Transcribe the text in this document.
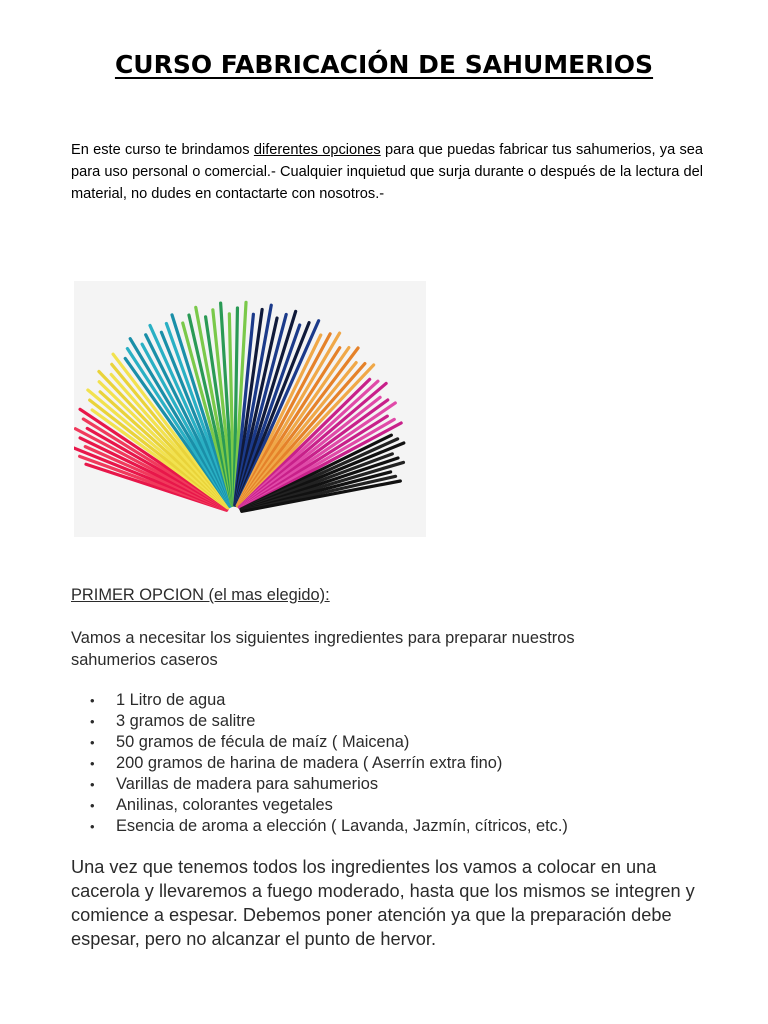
CURSO FABRICACIÓN DE SAHUMERIOS
En este curso te brindamos diferentes opciones para que puedas fabricar tus sahumerios, ya sea para uso personal o comercial.- Cualquier inquietud que surja durante o después de la lectura del material, no dudes en contactarte con nosotros.-
PRIMER OPCION (el mas elegido):
Vamos a necesitar los siguientes ingredientes para preparar nuestros sahumerios caseros
• 1 Litro de agua
• 3 gramos de salitre
• 50 gramos de fécula de maíz ( Maicena)
• 200 gramos de harina de madera ( Aserrín extra fino)
• Varillas de madera para sahumerios
• Anilinas, colorantes vegetales
• Esencia de aroma a elección ( Lavanda, Jazmín, cítricos, etc.)
Una vez que tenemos todos los ingredientes los vamos a colocar en una cacerola y llevaremos a fuego moderado, hasta que los mismos se integren y comience a espesar. Debemos poner atención ya que la preparación debe espesar, pero no alcanzar el punto de hervor.
